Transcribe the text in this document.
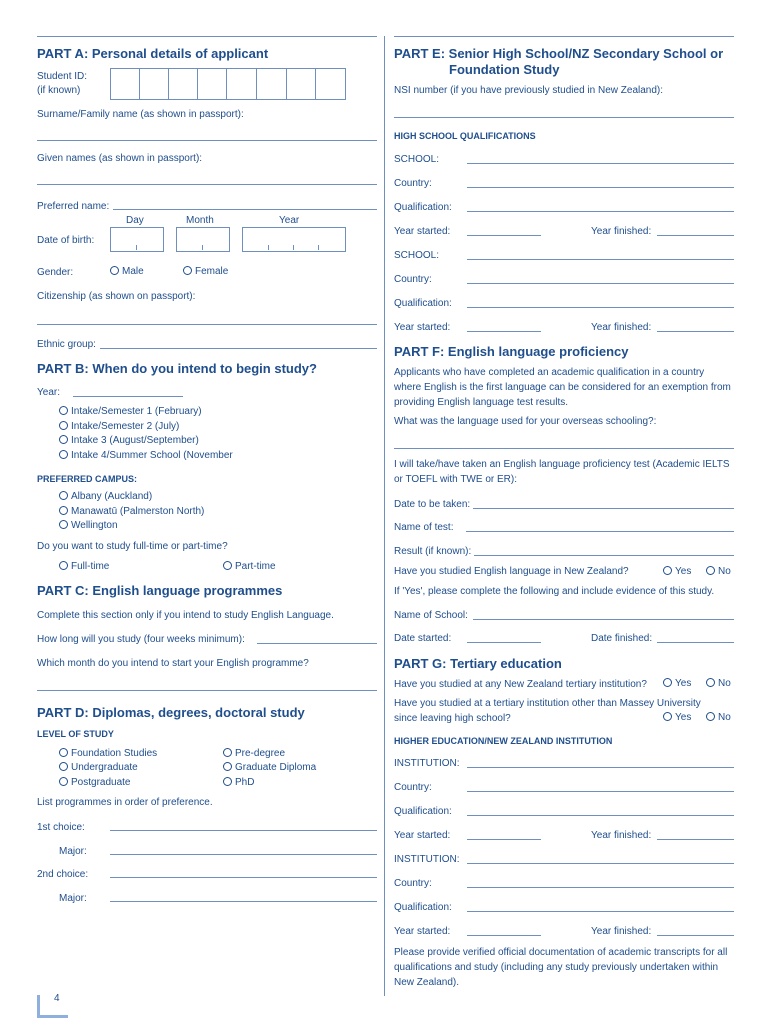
PART A: Personal details of applicant
Student ID:
(if known)
Surname/Family name (as shown in passport):
Given names (as shown in passport):
Preferred name:
Day	Month	Year
Date of birth:
Gender:	Male	Female
Citizenship (as shown on passport):
Ethnic group:
PART B: When do you intend to begin study?
Year:
Intake/Semester 1 (February)
Intake/Semester 2 (July)
Intake 3 (August/September)
Intake 4/Summer School (November
PREFERRED CAMPUS:
Albany (Auckland)
Manawatū (Palmerston North)
Wellington
Do you want to study full-time or part-time?
Full-time	Part-time
PART C: English language programmes
Complete this section only if you intend to study English Language.
How long will you study (four weeks minimum):
Which month do you intend to start your English programme?
PART D: Diplomas, degrees, doctoral study
LEVEL OF STUDY
Foundation Studies
Undergraduate
Postgraduate
Pre-degree
Graduate Diploma
PhD
List programmes in order of preference.
1st choice:
Major:
2nd choice:
Major:
PART E: Senior High School/NZ Secondary School or
Foundation Study
NSI number (if you have previously studied in New Zealand):
HIGH SCHOOL QUALIFICATIONS
SCHOOL:
Country:
Qualification:
Year started:	Year finished:
SCHOOL:
Country:
Qualification:
Year started:	Year finished:
PART F: English language proficiency
Applicants who have completed an academic qualification in a country where English is the first language can be considered for an exemption from providing English language test results.
What was the language used for your overseas schooling?:
I will take/have taken an English language proficiency test (Academic IELTS or TOEFL with TWE or ER):
Date to be taken:
Name of test:
Result (if known):
Have you studied English language in New Zealand?	Yes	No
If 'Yes', please complete the following and include evidence of this study.
Name of School:
Date started:	Date finished:
PART G: Tertiary education
Have you studied at any New Zealand tertiary institution?	Yes	No
Have you studied at a tertiary institution other than Massey University
since leaving high school?	Yes	No
HIGHER EDUCATION/NEW ZEALAND INSTITUTION
INSTITUTION:
Country:
Qualification:
Year started:	Year finished:
INSTITUTION:
Country:
Qualification:
Year started:	Year finished:
Please provide verified official documentation of academic transcripts for all qualifications and study (including any study previously undertaken within New Zealand).
4
